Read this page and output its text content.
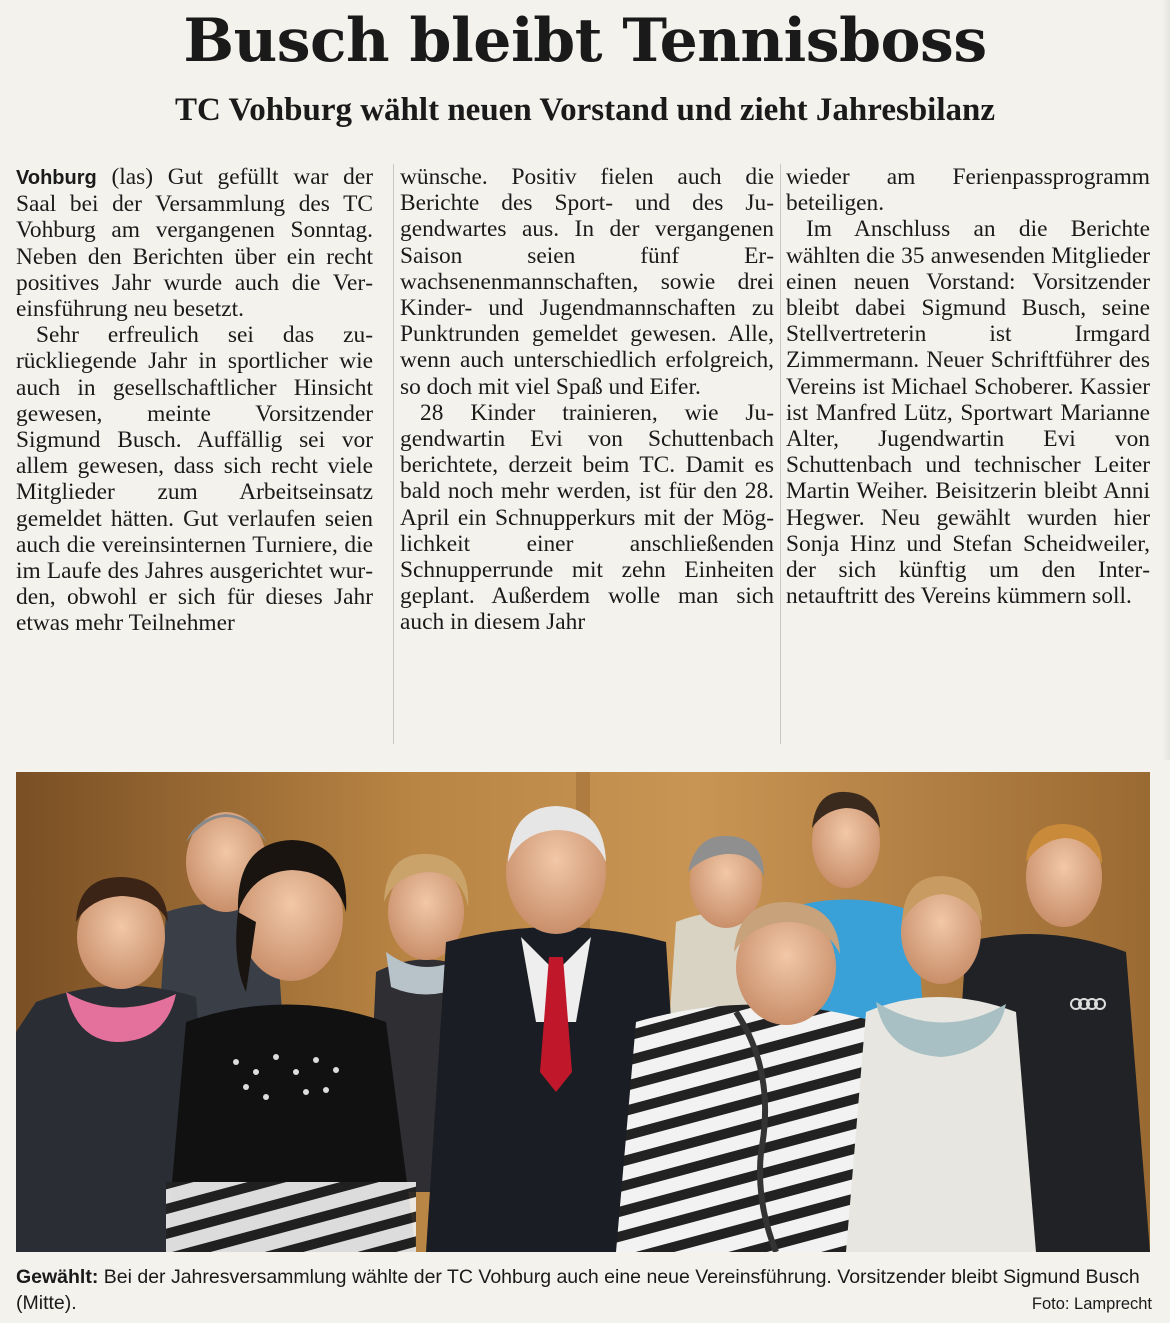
Busch bleibt Tennisboss
TC Vohburg wählt neuen Vorstand und zieht Jahresbilanz

Vohburg (las) Gut gefüllt war der Saal bei der Versammlung des TC Vohburg am vergangenen Sonntag. Neben den Berichten über ein recht positives Jahr wurde auch die Vereinsführung neu besetzt.

Sehr erfreulich sei das zurückliegende Jahr in sportlicher wie auch in gesellschaftlicher Hinsicht gewesen, meinte Vorsitzender Sigmund Busch. Auffällig sei vor allem gewesen, dass sich recht viele Mitglieder zum Arbeitseinsatz gemeldet hätten. Gut verlaufen seien auch die vereinsinternen Turniere, die im Laufe des Jahres ausgerichtet wurden, obwohl er sich für dieses Jahr etwas mehr Teilnehmer

wünsche. Positiv fielen auch die Berichte des Sport- und des Jugendwartes aus. In der vergangenen Saison seien fünf Erwachsenenmannschaften, sowie drei Kinder- und Jugendmannschaften zu Punktrunden gemeldet gewesen. Alle, wenn auch unterschiedlich erfolgreich, so doch mit viel Spaß und Eifer.

28 Kinder trainieren, wie Jugendwartin Evi von Schuttenbach berichtete, derzeit beim TC. Damit es bald noch mehr werden, ist für den 28. April ein Schnupperkurs mit der Möglichkeit einer anschließenden Schnupperrunde mit zehn Einheiten geplant. Außerdem wolle man sich auch in diesem Jahr

wieder am Ferienpassprogramm beteiligen.

Im Anschluss an die Berichte wählten die 35 anwesenden Mitglieder einen neuen Vorstand: Vorsitzender bleibt dabei Sigmund Busch, seine Stellvertreterin ist Irmgard Zimmermann. Neuer Schriftführer des Vereins ist Michael Schoberer. Kassier ist Manfred Lütz, Sportwart Marianne Alter, Jugendwartin Evi von Schuttenbach und technischer Leiter Martin Weiher. Beisitzerin bleibt Anni Hegwer. Neu gewählt wurden hier Sonja Hinz und Stefan Scheidweiler, der sich künftig um den Internetauftritt des Vereins kümmern soll.

Gewählt: Bei der Jahresversammlung wählte der TC Vohburg auch eine neue Vereinsführung. Vorsitzender bleibt Sigmund Busch (Mitte).	Foto: Lamprecht
